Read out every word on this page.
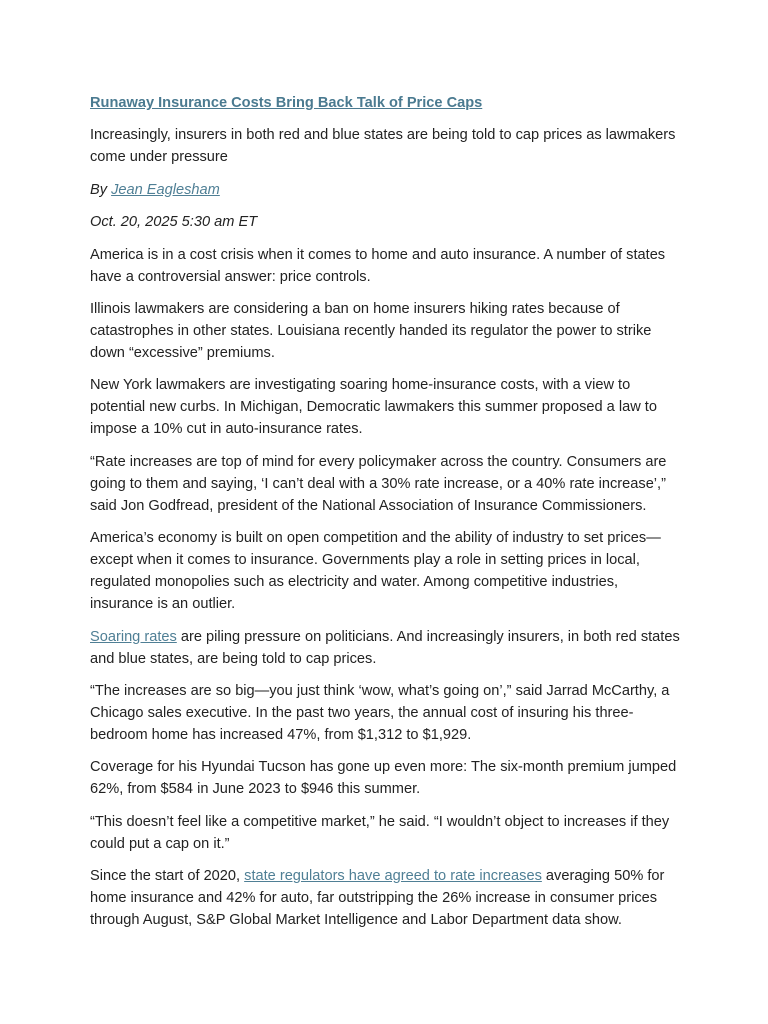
Runaway Insurance Costs Bring Back Talk of Price Caps

Increasingly, insurers in both red and blue states are being told to cap prices as lawmakers come under pressure

By Jean Eaglesham

Oct. 20, 2025 5:30 am ET

America is in a cost crisis when it comes to home and auto insurance. A number of states have a controversial answer: price controls.

Illinois lawmakers are considering a ban on home insurers hiking rates because of catastrophes in other states. Louisiana recently handed its regulator the power to strike down “excessive” premiums.

New York lawmakers are investigating soaring home-insurance costs, with a view to potential new curbs. In Michigan, Democratic lawmakers this summer proposed a law to impose a 10% cut in auto-insurance rates.

“Rate increases are top of mind for every policymaker across the country. Consumers are going to them and saying, ‘I can’t deal with a 30% rate increase, or a 40% rate increase’,” said Jon Godfread, president of the National Association of Insurance Commissioners.

America’s economy is built on open competition and the ability of industry to set prices—except when it comes to insurance. Governments play a role in setting prices in local, regulated monopolies such as electricity and water. Among competitive industries, insurance is an outlier.

Soaring rates are piling pressure on politicians. And increasingly insurers, in both red states and blue states, are being told to cap prices.

“The increases are so big—you just think ‘wow, what’s going on’,” said Jarrad McCarthy, a Chicago sales executive. In the past two years, the annual cost of insuring his three-bedroom home has increased 47%, from $1,312 to $1,929.

Coverage for his Hyundai Tucson has gone up even more: The six-month premium jumped 62%, from $584 in June 2023 to $946 this summer.

“This doesn’t feel like a competitive market,” he said. “I wouldn’t object to increases if they could put a cap on it.”

Since the start of 2020, state regulators have agreed to rate increases averaging 50% for home insurance and 42% for auto, far outstripping the 26% increase in consumer prices through August, S&P Global Market Intelligence and Labor Department data show.
